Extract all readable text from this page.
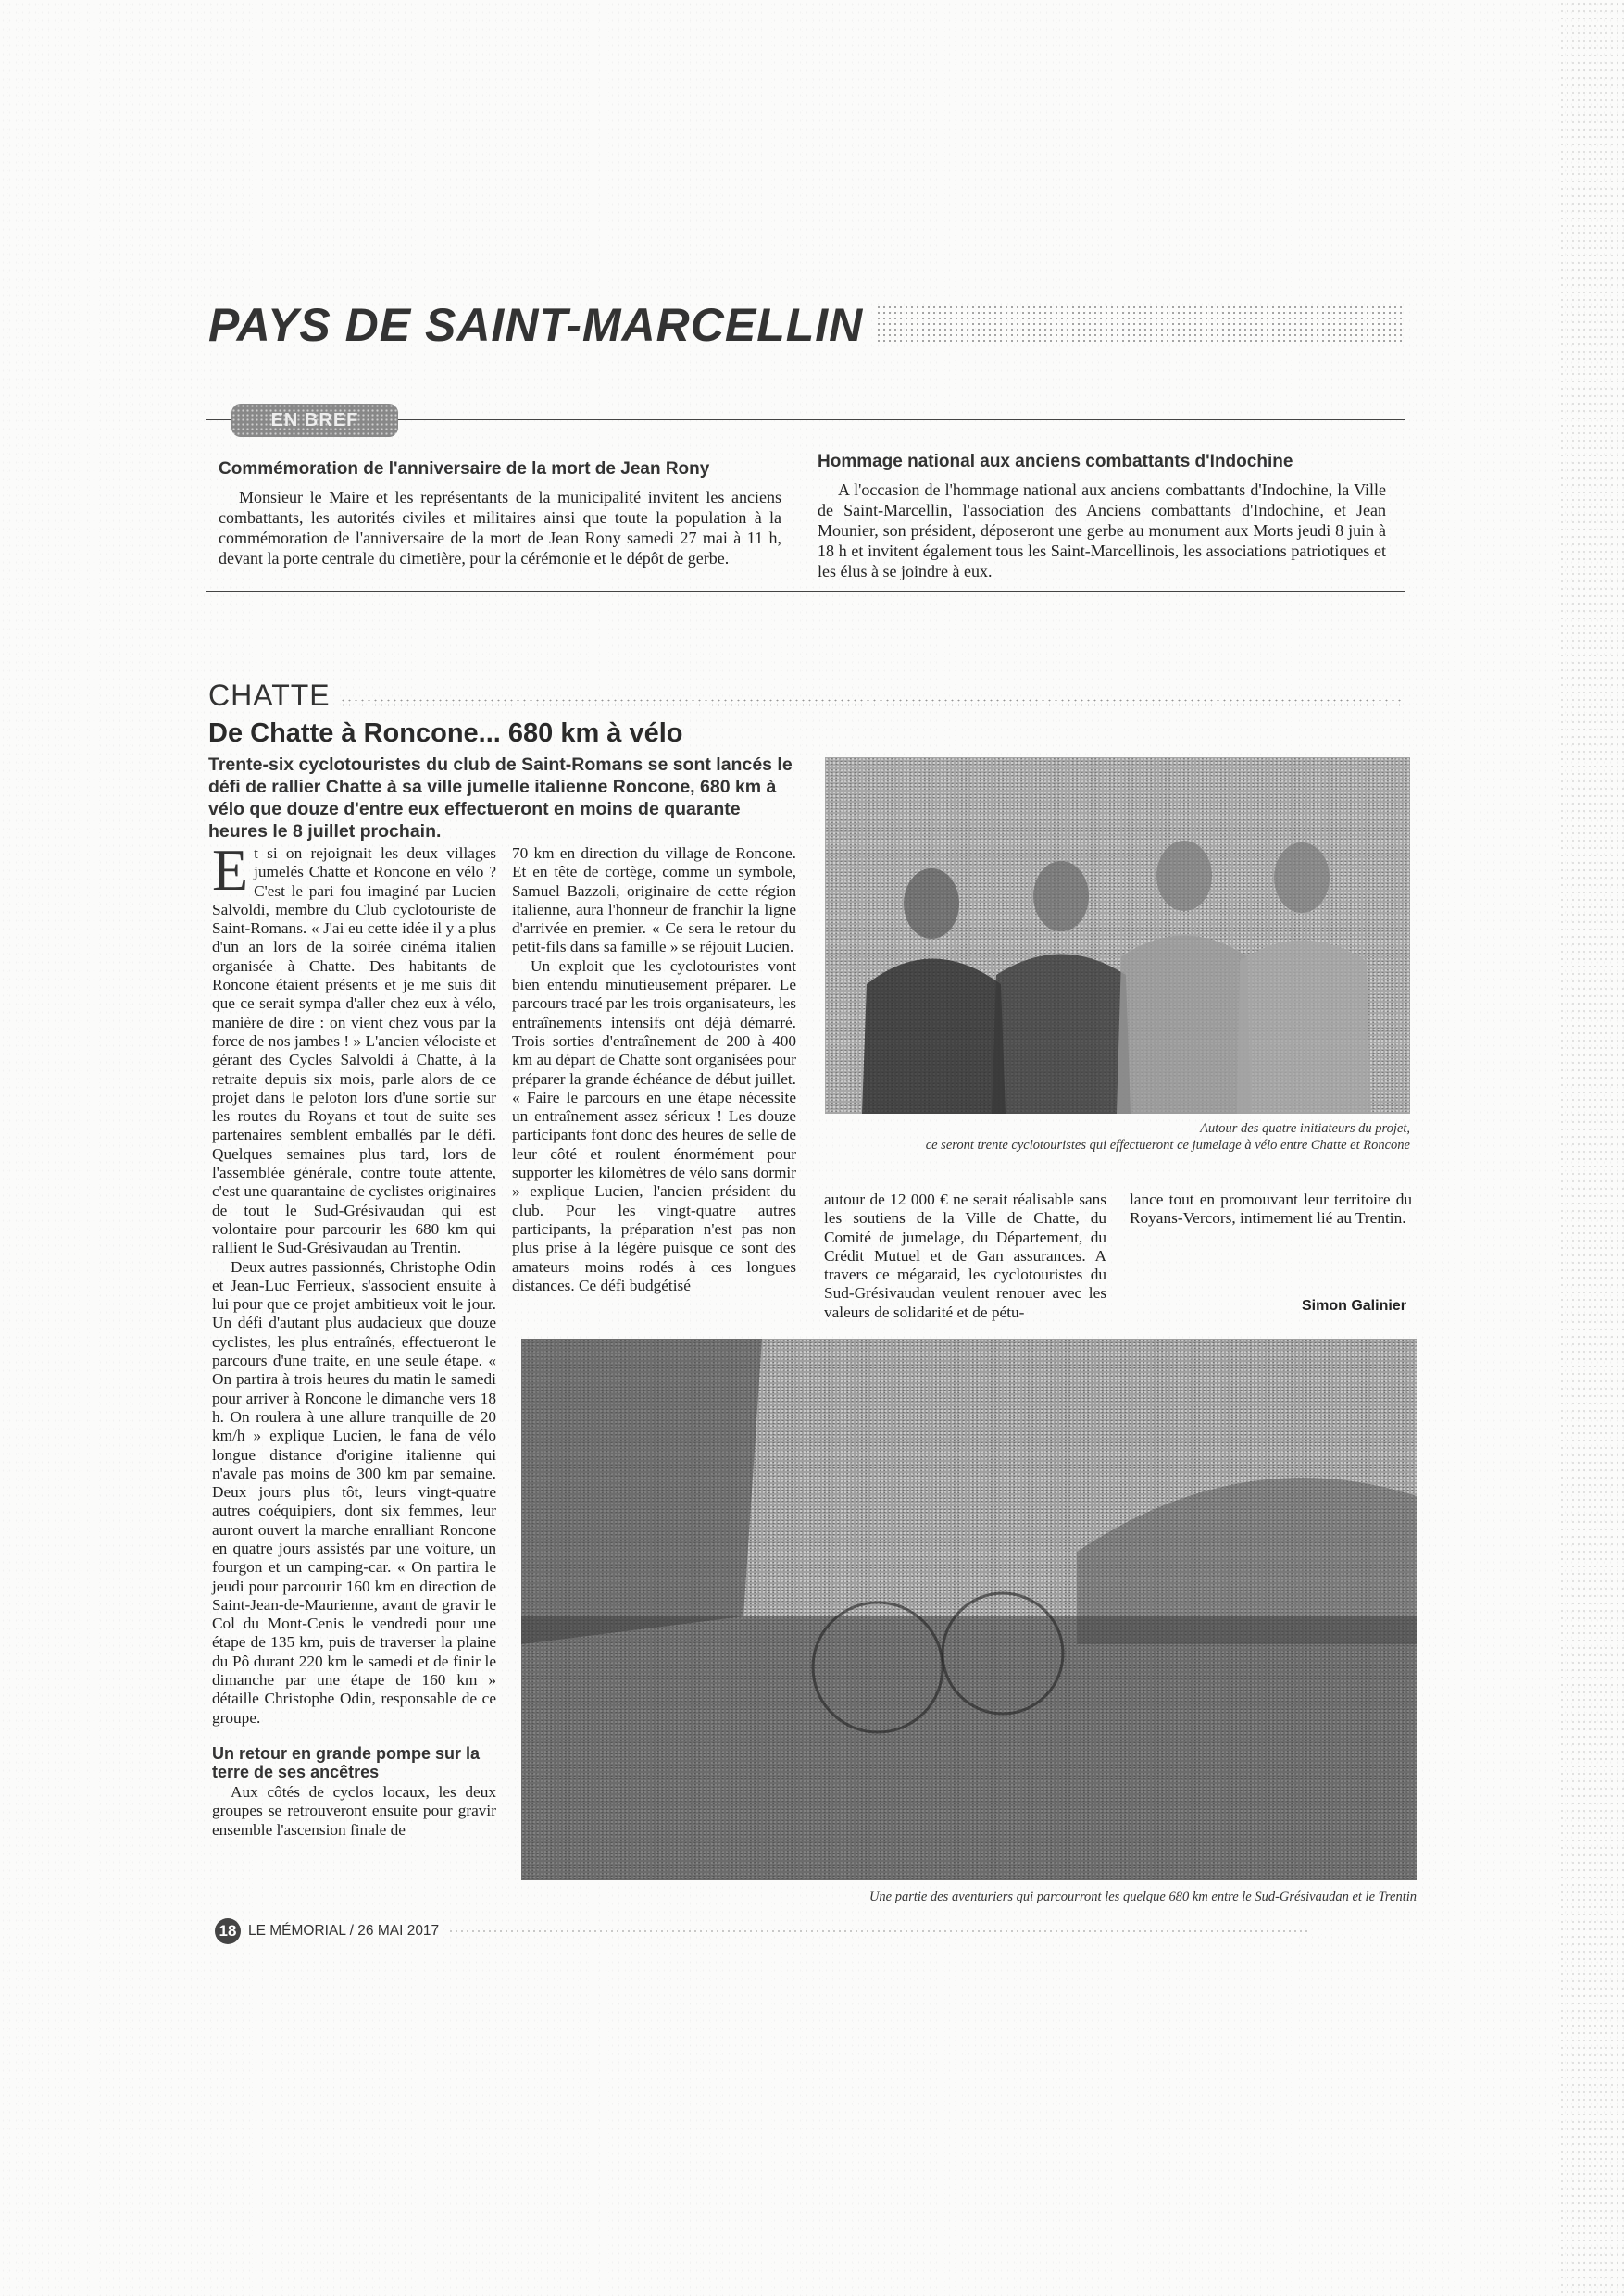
PAYS DE SAINT-MARCELLIN
EN BREF
Commémoration de l'anniversaire de la mort de Jean Rony

Monsieur le Maire et les représentants de la municipalité invitent les anciens combattants, les autorités civiles et militaires ainsi que toute la population à la commémoration de l'anniversaire de la mort de Jean Rony samedi 27 mai à 11 h, devant la porte centrale du cimetière, pour la cérémonie et le dépôt de gerbe.

Hommage national aux anciens combattants d'Indochine

A l'occasion de l'hommage national aux anciens combattants d'Indochine, la Ville de Saint-Marcellin, l'association des Anciens combattants d'Indochine, et Jean Mounier, son président, déposeront une gerbe au monument aux Morts jeudi 8 juin à 18 h et invitent également tous les Saint-Marcellinois, les associations patriotiques et les élus à se joindre à eux.

CHATTE
De Chatte à Roncone... 680 km à vélo
Trente-six cyclotouristes du club de Saint-Romans se sont lancés le défi de rallier Chatte à sa ville jumelle italienne Roncone, 680 km à vélo que douze d'entre eux effectueront en moins de quarante heures le 8 juillet prochain.

Et si on rejoignait les deux villages jumelés Chatte et Roncone en vélo ? C'est le pari fou imaginé par Lucien Salvoldi, membre du Club cyclotouriste de Saint-Romans. « J'ai eu cette idée il y a plus d'un an lors de la soirée cinéma italien organisée à Chatte. Des habitants de Roncone étaient présents et je me suis dit que ce serait sympa d'aller chez eux à vélo, manière de dire : on vient chez vous par la force de nos jambes ! » L'ancien vélociste et gérant des Cycles Salvoldi à Chatte, à la retraite depuis six mois, parle alors de ce projet dans le peloton lors d'une sortie sur les routes du Royans et tout de suite ses partenaires semblent emballés par le défi. Quelques semaines plus tard, lors de l'assemblée générale, contre toute attente, c'est une quarantaine de cyclistes originaires de tout le Sud-Grésivaudan qui est volontaire pour parcourir les 680 km qui rallient le Sud-Grésivaudan au Trentin.

Deux autres passionnés, Christophe Odin et Jean-Luc Ferrieux, s'associent ensuite à lui pour que ce projet ambitieux voit le jour. Un défi d'autant plus audacieux que douze cyclistes, les plus entraînés, effectueront le parcours d'une traite, en une seule étape. « On partira à trois heures du matin le samedi pour arriver à Roncone le dimanche vers 18 h. On roulera à une allure tranquille de 20 km/h » explique Lucien, le fana de vélo longue distance d'origine italienne qui n'avale pas moins de 300 km par semaine. Deux jours plus tôt, leurs vingt-quatre autres coéquipiers, dont six femmes, leur auront ouvert la marche enralliant Roncone en quatre jours assistés par une voiture, un fourgon et un camping-car. « On partira le jeudi pour parcourir 160 km en direction de Saint-Jean-de-Maurienne, avant de gravir le Col du Mont-Cenis le vendredi pour une étape de 135 km, puis de traverser la plaine du Pô durant 220 km le samedi et de finir le dimanche par une étape de 160 km » détaille Christophe Odin, responsable de ce groupe.

Un retour en grande pompe sur la terre de ses ancêtres

Aux côtés de cyclos locaux, les deux groupes se retrouveront ensuite pour gravir ensemble l'ascension finale de

70 km en direction du village de Roncone. Et en tête de cortège, comme un symbole, Samuel Bazzoli, originaire de cette région italienne, aura l'honneur de franchir la ligne d'arrivée en premier. « Ce sera le retour du petit-fils dans sa famille » se réjouit Lucien.

Un exploit que les cyclotouristes vont bien entendu minutieusement préparer. Le parcours tracé par les trois organisateurs, les entraînements intensifs ont déjà démarré. Trois sorties d'entraînement de 200 à 400 km au départ de Chatte sont organisées pour préparer la grande échéance de début juillet. « Faire le parcours en une étape nécessite un entraînement assez sérieux ! Les douze participants font donc des heures de selle de leur côté et roulent énormément pour supporter les kilomètres de vélo sans dormir » explique Lucien, l'ancien président du club. Pour les vingt-quatre autres participants, la préparation n'est pas non plus prise à la légère puisque ce sont des amateurs moins rodés à ces longues distances. Ce défi budgétisé

Autour des quatre initiateurs du projet,
ce seront trente cyclotouristes qui effectueront ce jumelage à vélo entre Chatte et Roncone

autour de 12 000 € ne serait réalisable sans les soutiens de la Ville de Chatte, du Comité de jumelage, du Département, du Crédit Mutuel et de Gan assurances. A travers ce mégaraid, les cyclotouristes du Sud-Grésivaudan veulent renouer avec les valeurs de solidarité et de pétu-

lance tout en promouvant leur territoire du Royans-Vercors, intimement lié au Trentin.

Simon Galinier
Une partie des aventuriers qui parcourront les quelque 680 km entre le Sud-Grésivaudan et le Trentin
18 LE MÉMORIAL / 26 MAI 2017
